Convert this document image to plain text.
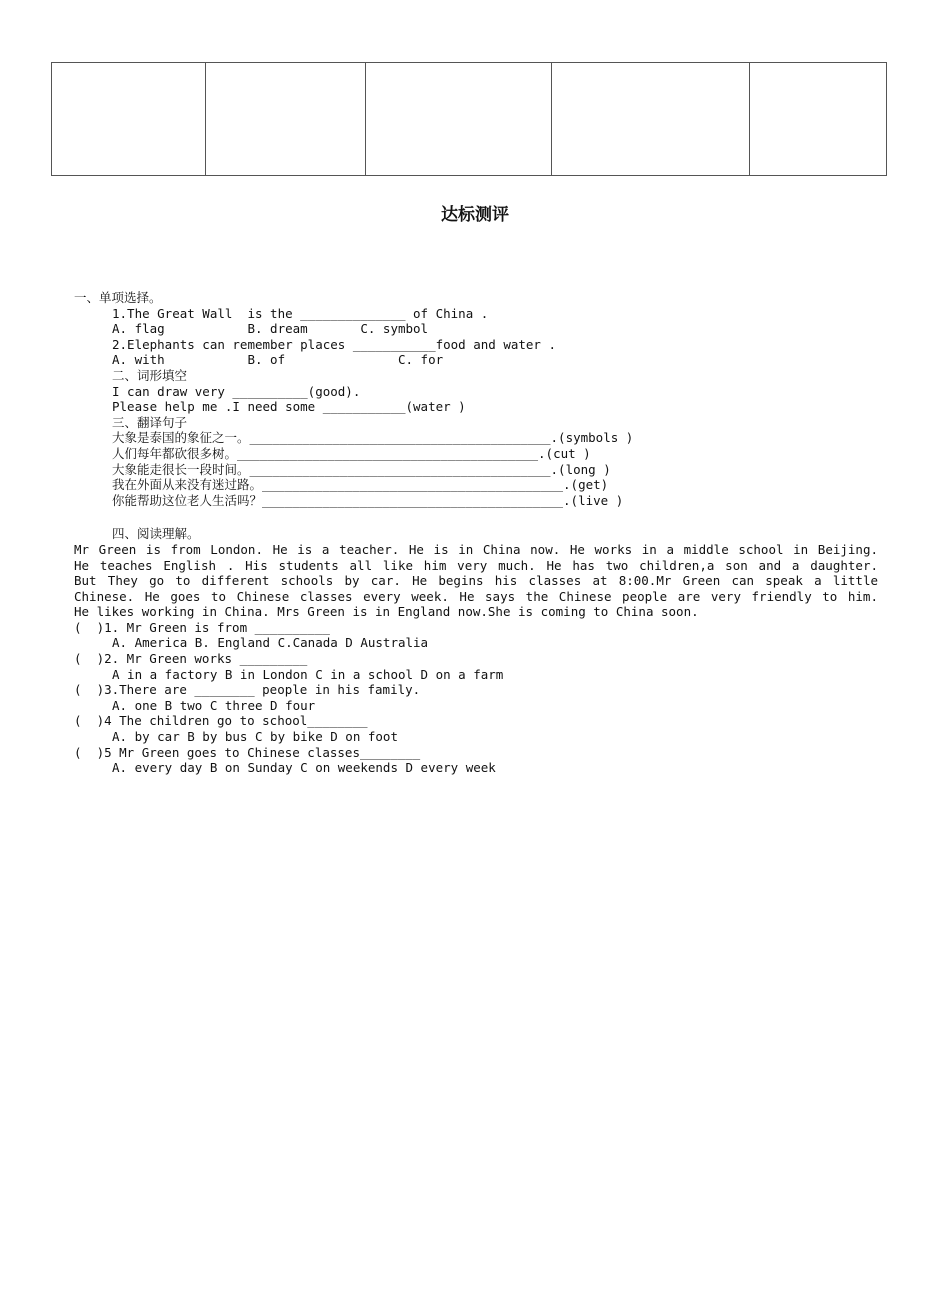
达标测评
一、单项选择。
1.The Great Wall  is the ______________ of China .
A. flag           B. dream       C. symbol
2.Elephants can remember places ___________food and water .
A. with           B. of               C. for
二、词形填空
I can draw very __________(good).
Please help me .I need some ___________(water )
三、翻译句子
大象是泰国的象征之一。________________________________________.(symbols )
人们每年都砍很多树。________________________________________.(cut )
大象能走很长一段时间。________________________________________.(long )
我在外面从来没有迷过路。________________________________________.(get)
你能帮助这位老人生活吗？________________________________________.(live )
四、阅读理解。
Mr Green is from London. He is a teacher. He is in China now. He works in a middle school in Beijing.
He teaches English . His students all like him very much. He has two children,a son and a daughter.
But They go to different schools by car. He begins his classes at 8:00.Mr Green can speak a little
Chinese. He goes to Chinese classes every week. He says the Chinese people are very friendly to him.
He likes working in China. Mrs Green is in England now.She is coming to China soon.
(  )1. Mr Green is from __________
A. America B. England C.Canada D Australia
(  )2. Mr Green works _________
A in a factory B in London C in a school D on a farm
(  )3.There are ________ people in his family.
A. one B two C three D four
(  )4 The children go to school________
A. by car B by bus C by bike D on foot
(  )5 Mr Green goes to Chinese classes________
A. every day B on Sunday C on weekends D every week
